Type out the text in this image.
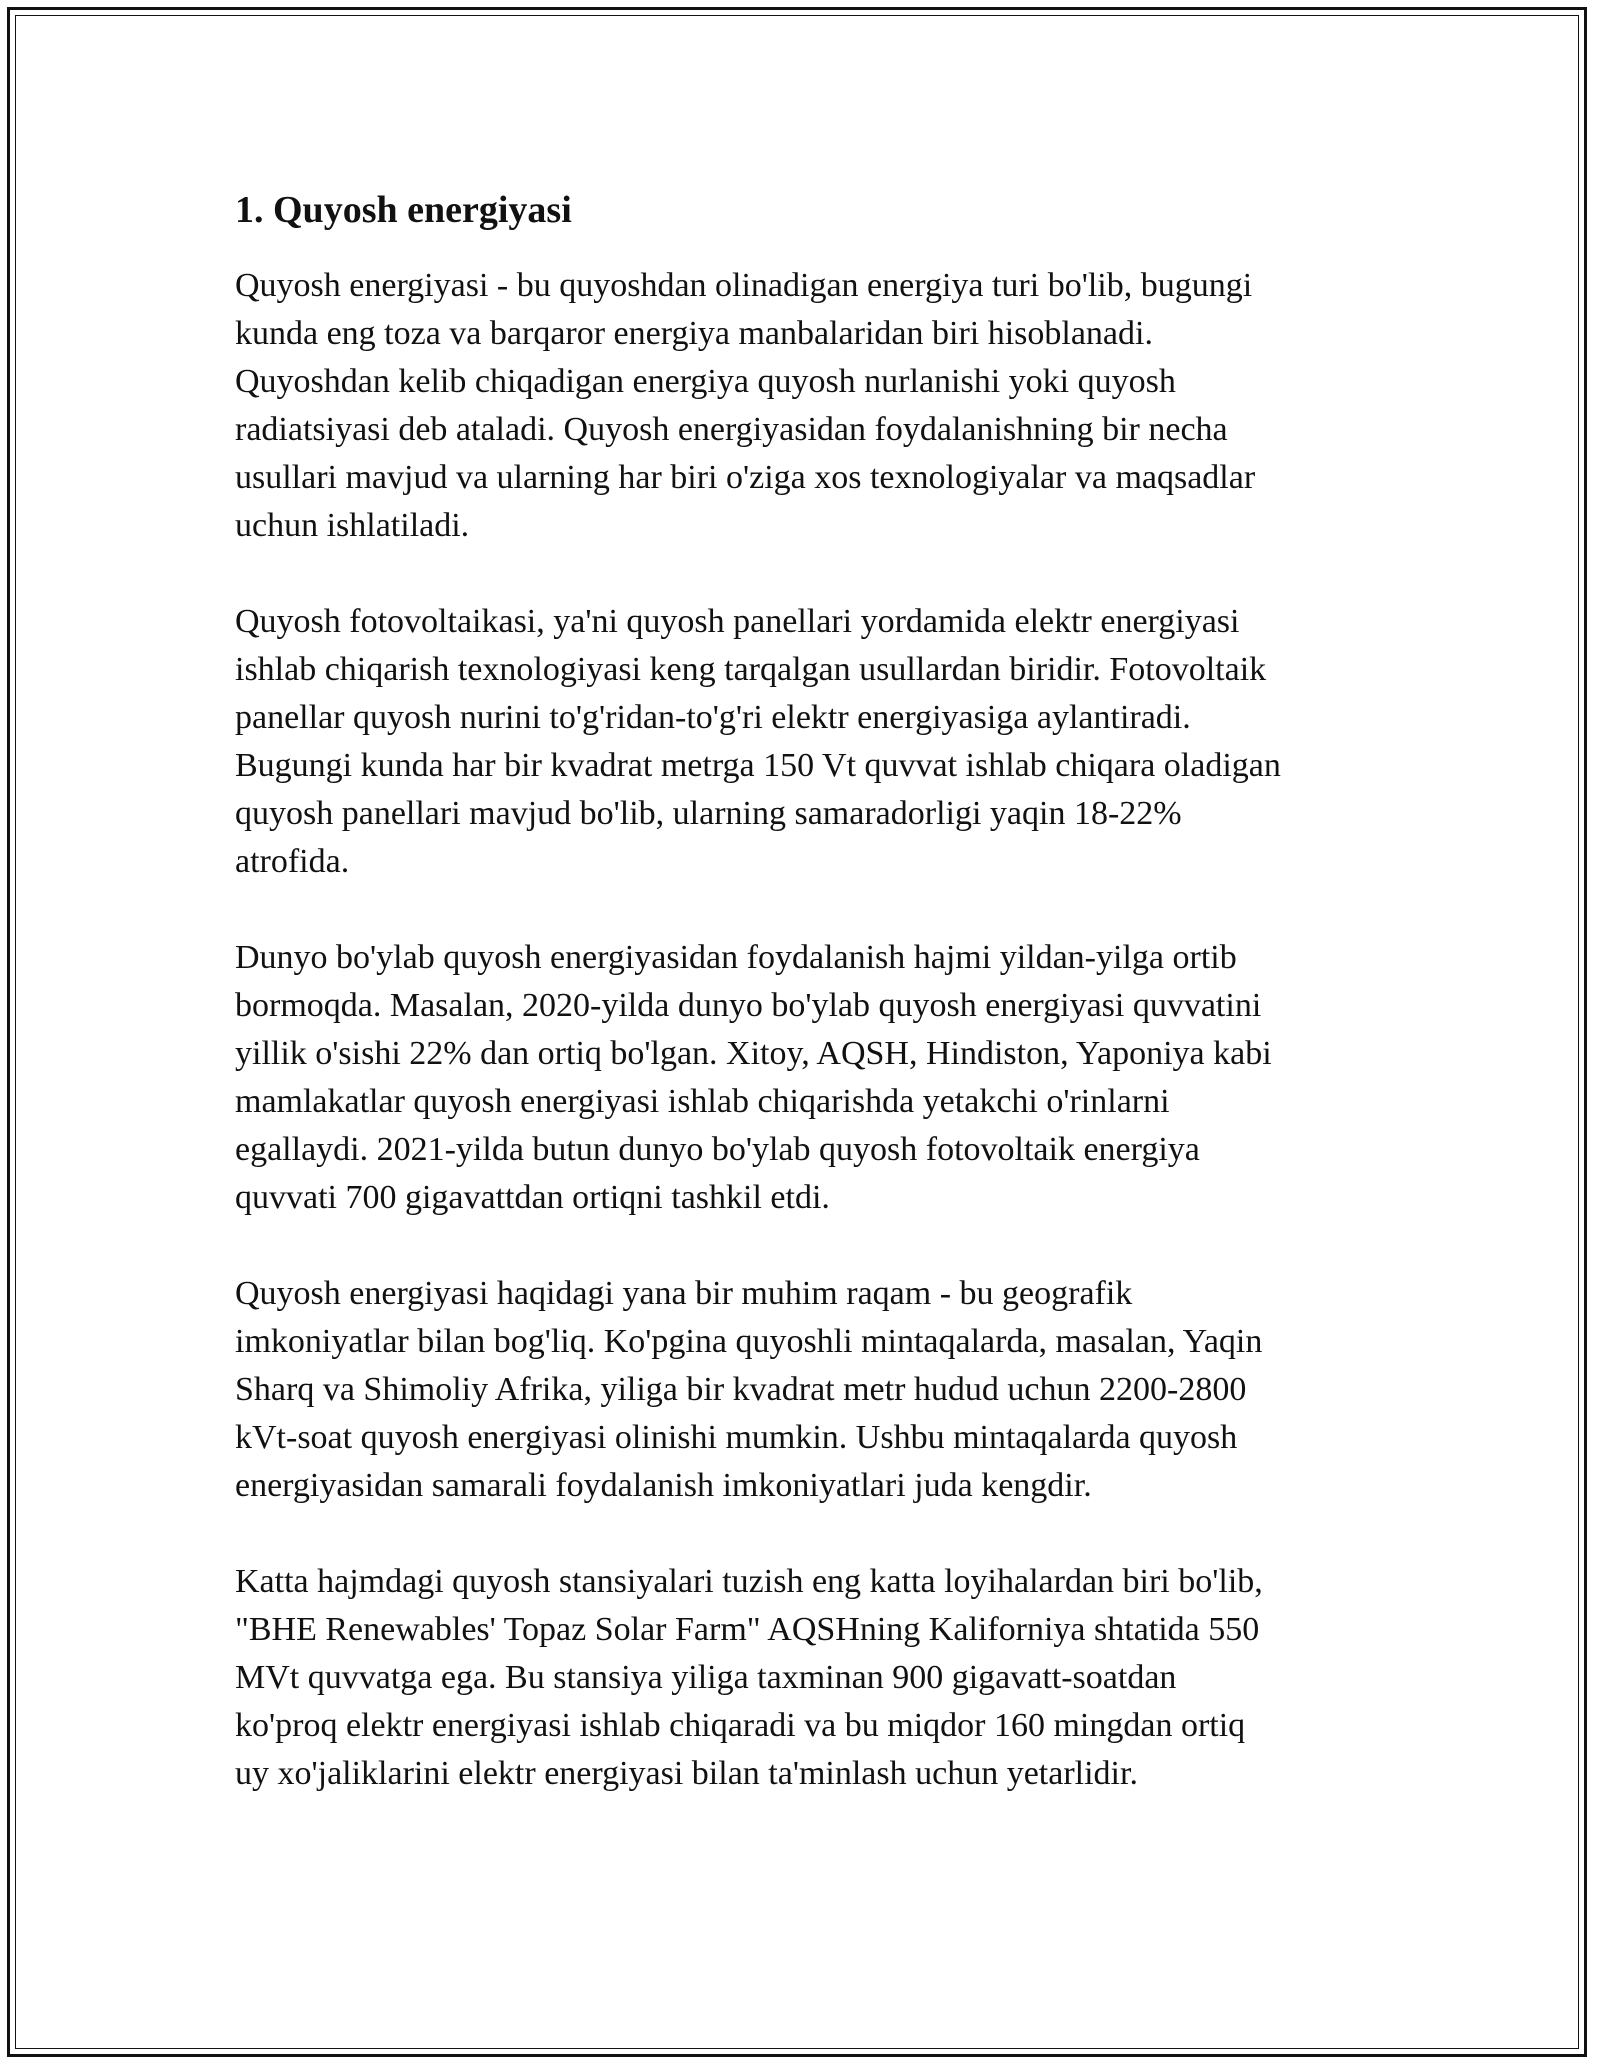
1. Quyosh energiyasi

Quyosh energiyasi - bu quyoshdan olinadigan energiya turi bo'lib, bugungi
kunda eng toza va barqaror energiya manbalaridan biri hisoblanadi.
Quyoshdan kelib chiqadigan energiya quyosh nurlanishi yoki quyosh
radiatsiyasi deb ataladi. Quyosh energiyasidan foydalanishning bir necha
usullari mavjud va ularning har biri o'ziga xos texnologiyalar va maqsadlar
uchun ishlatiladi.

Quyosh fotovoltaikasi, ya'ni quyosh panellari yordamida elektr energiyasi
ishlab chiqarish texnologiyasi keng tarqalgan usullardan biridir. Fotovoltaik
panellar quyosh nurini to'g'ridan-to'g'ri elektr energiyasiga aylantiradi.
Bugungi kunda har bir kvadrat metrga 150 Vt quvvat ishlab chiqara oladigan
quyosh panellari mavjud bo'lib, ularning samaradorligi yaqin 18-22%
atrofida.

Dunyo bo'ylab quyosh energiyasidan foydalanish hajmi yildan-yilga ortib
bormoqda. Masalan, 2020-yilda dunyo bo'ylab quyosh energiyasi quvvatini
yillik o'sishi 22% dan ortiq bo'lgan. Xitoy, AQSH, Hindiston, Yaponiya kabi
mamlakatlar quyosh energiyasi ishlab chiqarishda yetakchi o'rinlarni
egallaydi. 2021-yilda butun dunyo bo'ylab quyosh fotovoltaik energiya
quvvati 700 gigavattdan ortiqni tashkil etdi.

Quyosh energiyasi haqidagi yana bir muhim raqam - bu geografik
imkoniyatlar bilan bog'liq. Ko'pgina quyoshli mintaqalarda, masalan, Yaqin
Sharq va Shimoliy Afrika, yiliga bir kvadrat metr hudud uchun 2200-2800
kVt-soat quyosh energiyasi olinishi mumkin. Ushbu mintaqalarda quyosh
energiyasidan samarali foydalanish imkoniyatlari juda kengdir.

Katta hajmdagi quyosh stansiyalari tuzish eng katta loyihalardan biri bo'lib,
"BHE Renewables' Topaz Solar Farm" AQSHning Kaliforniya shtatida 550
MVt quvvatga ega. Bu stansiya yiliga taxminan 900 gigavatt-soatdan
ko'proq elektr energiyasi ishlab chiqaradi va bu miqdor 160 mingdan ortiq
uy xo'jaliklarini elektr energiyasi bilan ta'minlash uchun yetarlidir.
